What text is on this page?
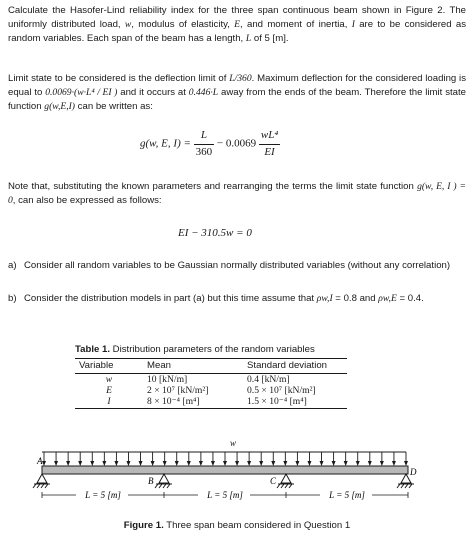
Calculate the Hasofer-Lind reliability index for the three span continuous beam shown in Figure 2. The uniformly distributed load, w, modulus of elasticity, E, and moment of inertia, I are to be considered as random variables. Each span of the beam has a length, L of 5 [m].

Limit state to be considered is the deflection limit of L/360. Maximum deflection for the considered loading is equal to 0.0069·(w·L⁴ / EI ) and it occurs at 0.446·L away from the ends of the beam. Therefore the limit state function g(w,E,I) can be written as:

g(w, E, $I) = \frac{L}{360} - 0.0069 \frac{\text{wL⁴}}{EI}$

Note that, substituting the known parameters and rearranging the terms the limit state function g(w, E, I ) = 0, can also be expressed as follows:

EI − 310.5w = 0
a) Consider all random variables to be Gaussian normally distributed variables (without any correlation)
b) Consider the distribution models in part (a) but this time assume that ρw,I = 0.8 and ρw,E = 0.4.

Table 1. Distribution parameters of the random variables

Variable	Mean	Standard deviation
w	10 [kN/m]	0.4 [kN/m]
E	2 × 10⁷ [kN/m²]	0.5 × 10⁷ [kN/m²]
I	8 × 10⁻⁴ [m⁴]	1.5 × 10⁻⁴ [m⁴]
w
A
B	C
D
L = 5 [m]	L = 5 [m]	L = 5 [m]
Figure 1. Three span beam considered in Question 1
